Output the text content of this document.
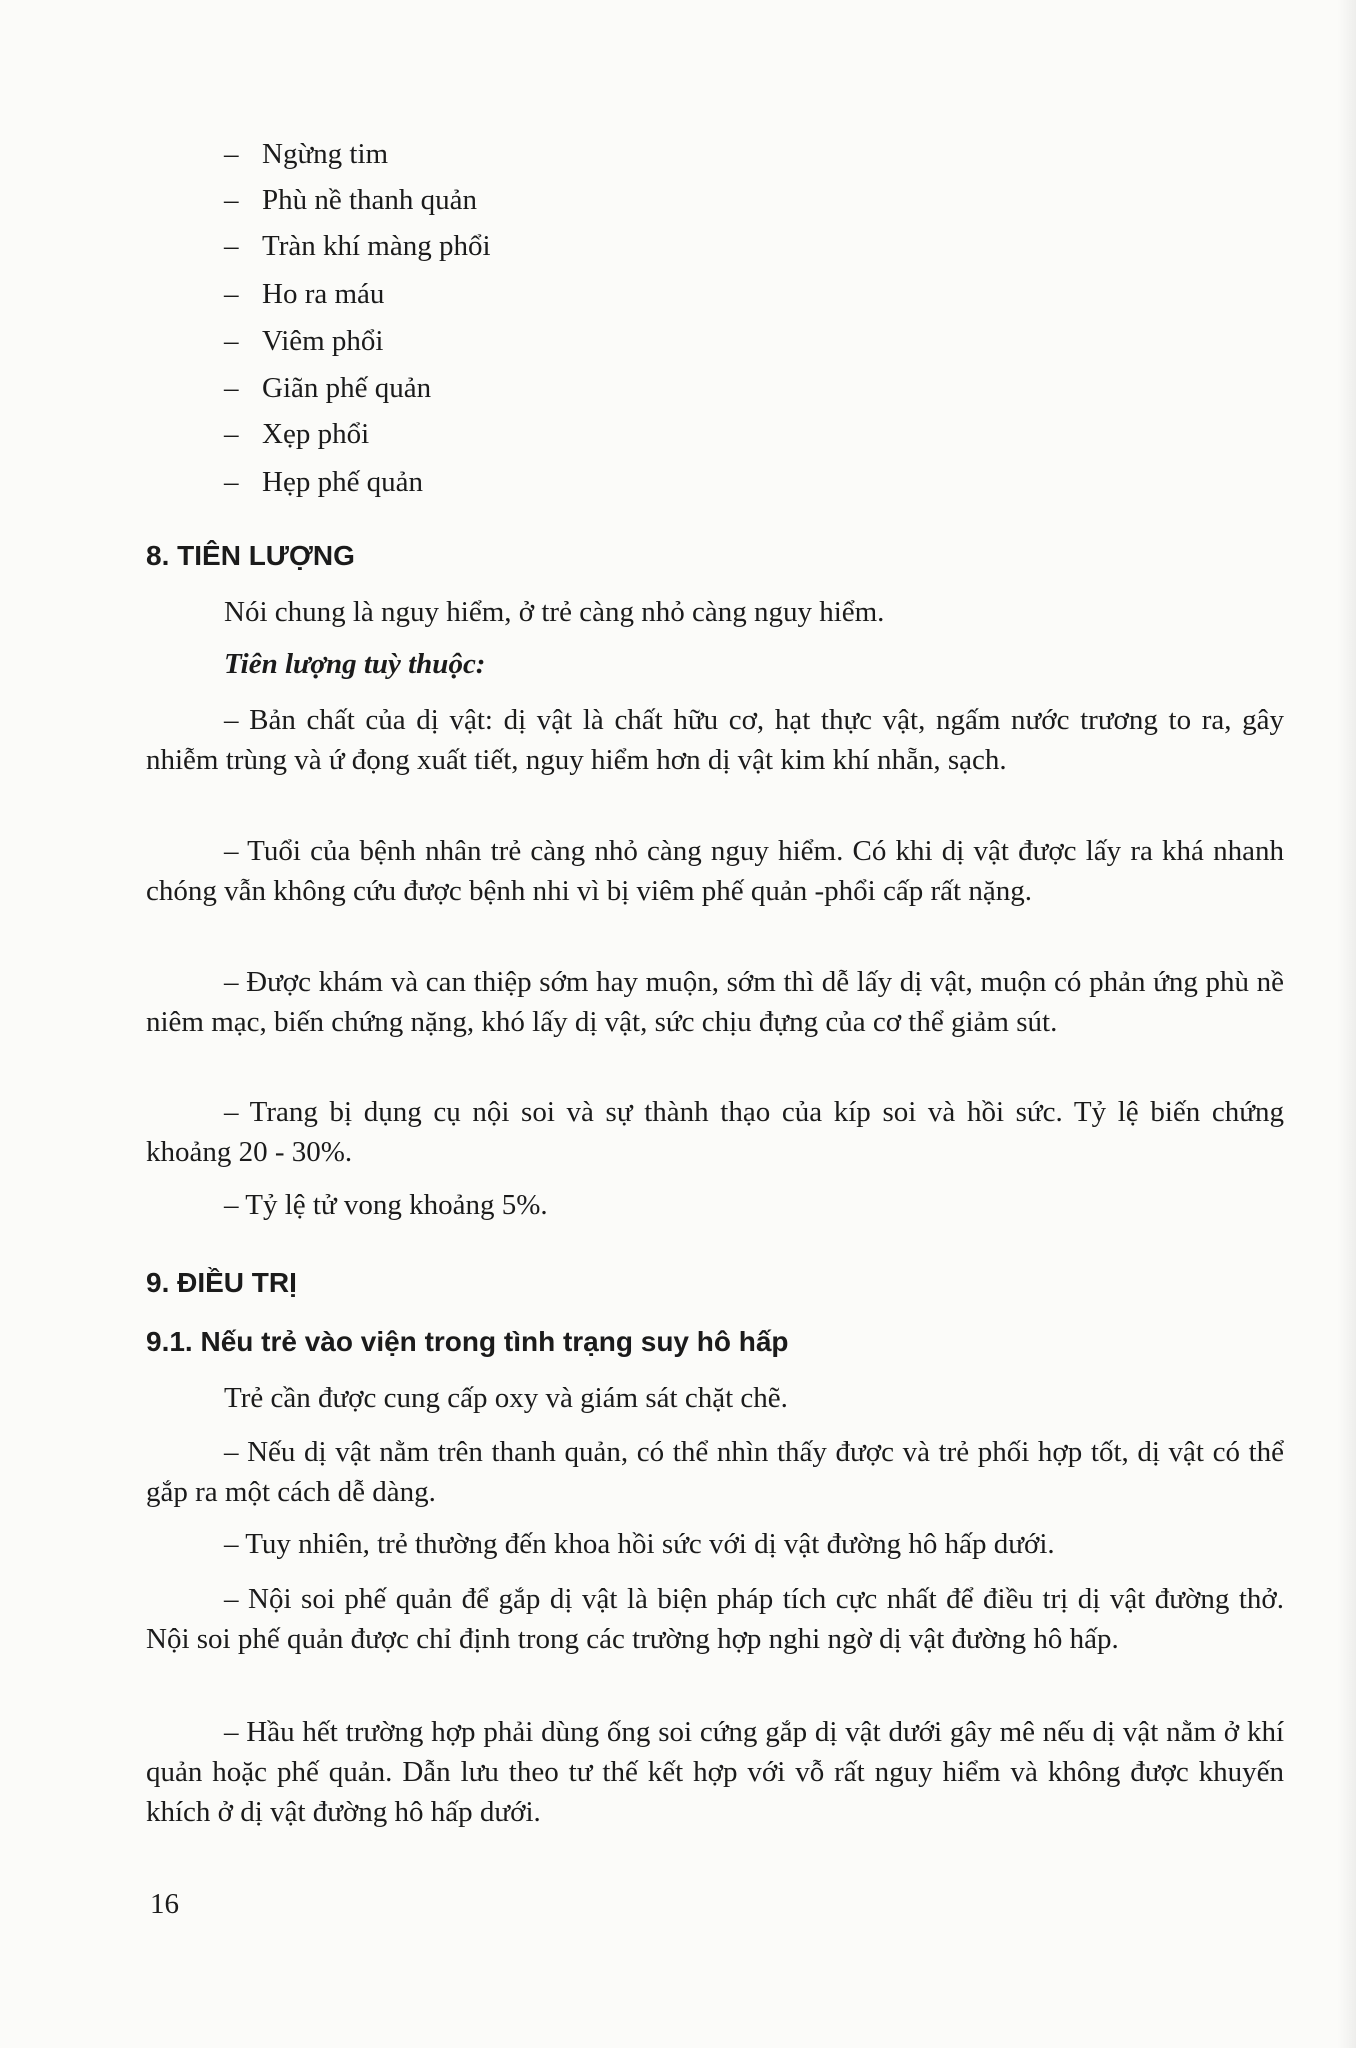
– Ngừng tim
– Phù nề thanh quản
– Tràn khí màng phổi
– Ho ra máu
– Viêm phổi
– Giãn phế quản
– Xẹp phổi
– Hẹp phế quản
8. TIÊN LƯỢNG
Nói chung là nguy hiểm, ở trẻ càng nhỏ càng nguy hiểm.
Tiên lượng tuỳ thuộc:
– Bản chất của dị vật: dị vật là chất hữu cơ, hạt thực vật, ngấm nước trương to ra, gây nhiễm trùng và ứ đọng xuất tiết, nguy hiểm hơn dị vật kim khí nhẵn, sạch.
– Tuổi của bệnh nhân trẻ càng nhỏ càng nguy hiểm. Có khi dị vật được lấy ra khá nhanh chóng vẫn không cứu được bệnh nhi vì bị viêm phế quản -phổi cấp rất nặng.
– Được khám và can thiệp sớm hay muộn, sớm thì dễ lấy dị vật, muộn có phản ứng phù nề niêm mạc, biến chứng nặng, khó lấy dị vật, sức chịu đựng của cơ thể giảm sút.
– Trang bị dụng cụ nội soi và sự thành thạo của kíp soi và hồi sức. Tỷ lệ biến chứng khoảng 20 - 30%.
– Tỷ lệ tử vong khoảng 5%.
9. ĐIỀU TRỊ
9.1. Nếu trẻ vào viện trong tình trạng suy hô hấp
Trẻ cần được cung cấp oxy và giám sát chặt chẽ.
– Nếu dị vật nằm trên thanh quản, có thể nhìn thấy được và trẻ phối hợp tốt, dị vật có thể gắp ra một cách dễ dàng.
– Tuy nhiên, trẻ thường đến khoa hồi sức với dị vật đường hô hấp dưới.
– Nội soi phế quản để gắp dị vật là biện pháp tích cực nhất để điều trị dị vật đường thở. Nội soi phế quản được chỉ định trong các trường hợp nghi ngờ dị vật đường hô hấp.
– Hầu hết trường hợp phải dùng ống soi cứng gắp dị vật dưới gây mê nếu dị vật nằm ở khí quản hoặc phế quản. Dẫn lưu theo tư thế kết hợp với vỗ rất nguy hiểm và không được khuyến khích ở dị vật đường hô hấp dưới.
16
